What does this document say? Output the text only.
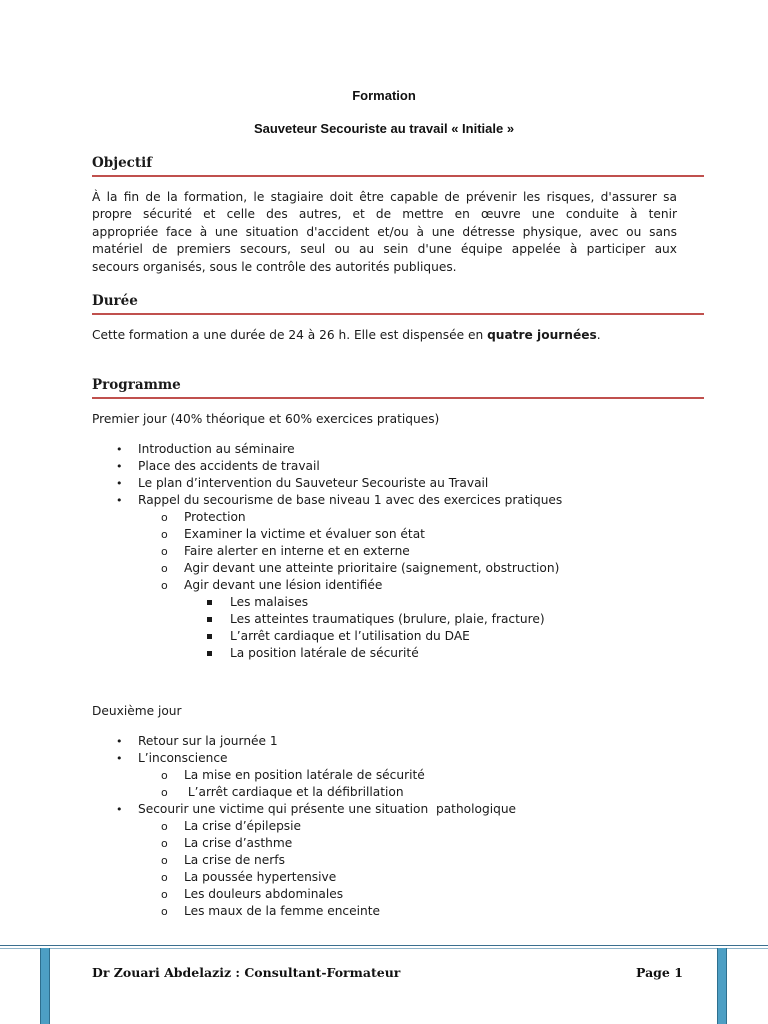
Formation
Sauveteur Secouriste au travail « Initiale »
Objectif
À la fin de la formation, le stagiaire doit être capable de prévenir les risques, d'assurer sa
propre sécurité et celle des autres, et de mettre en œuvre une conduite à tenir
appropriée face à une situation d'accident et/ou à une détresse physique, avec ou sans
matériel de premiers secours, seul ou au sein d'une équipe appelée à participer aux
secours organisés, sous le contrôle des autorités publiques.
Durée
Cette formation a une durée de 24 à 26 h. Elle est dispensée en quatre journées.
Programme
Premier jour (40% théorique et 60% exercices pratiques)
• Introduction au séminaire
• Place des accidents de travail
• Le plan d’intervention du Sauveteur Secouriste au Travail
• Rappel du secourisme de base niveau 1 avec des exercices pratiques
o Protection
o Examiner la victime et évaluer son état
o Faire alerter en interne et en externe
o Agir devant une atteinte prioritaire (saignement, obstruction)
o Agir devant une lésion identifiée
Les malaises
Les atteintes traumatiques (brulure, plaie, fracture)
L’arrêt cardiaque et l’utilisation du DAE
La position latérale de sécurité
Deuxième jour
• Retour sur la journée 1
• L’inconscience
o La mise en position latérale de sécurité
o L’arrêt cardiaque et la défibrillation
• Secourir une victime qui présente une situation  pathologique
o La crise d’épilepsie
o La crise d’asthme
o La crise de nerfs
o La poussée hypertensive
o Les douleurs abdominales
o Les maux de la femme enceinte
Dr Zouari Abdelaziz : Consultant-Formateur	Page 1
